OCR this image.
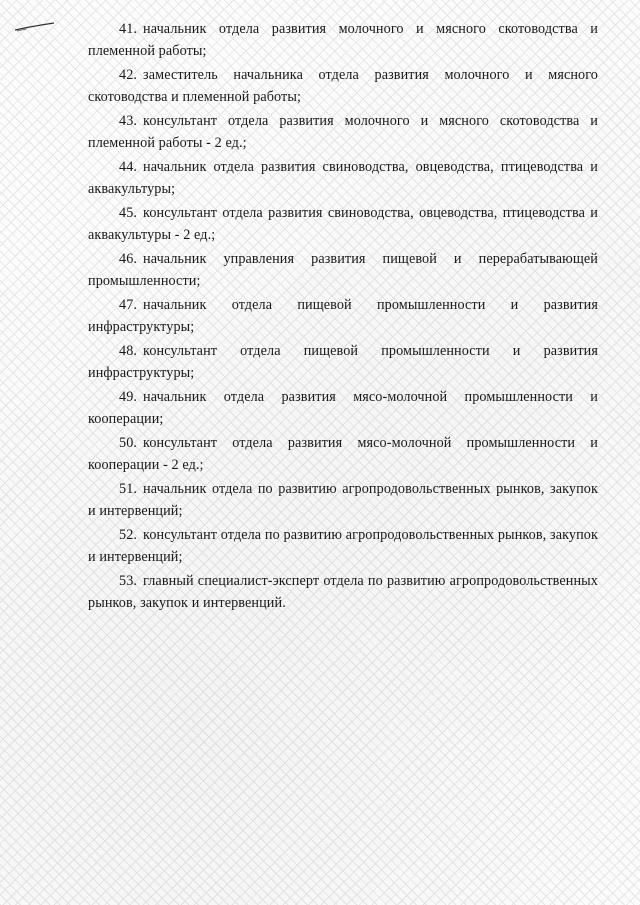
41. начальник отдела развития молочного и мясного скотоводства и племенной работы;
42. заместитель начальника отдела развития молочного и мясного скотоводства и племенной работы;
43. консультант отдела развития молочного и мясного скотоводства и племенной работы - 2 ед.;
44. начальник отдела развития свиноводства, овцеводства, птицеводства и аквакультуры;
45. консультант отдела развития свиноводства, овцеводства, птицеводства и аквакультуры - 2 ед.;
46. начальник управления развития пищевой и перерабатывающей промышленности;
47. начальник отдела пищевой промышленности и развития инфраструктуры;
48. консультант отдела пищевой промышленности и развития инфраструктуры;
49. начальник отдела развития мясо-молочной промышленности и кооперации;
50. консультант отдела развития мясо-молочной промышленности и кооперации - 2 ед.;
51. начальник отдела по развитию агропродовольственных рынков, закупок и интервенций;
52. консультант отдела по развитию агропродовольственных рынков, закупок и интервенций;
53. главный специалист-эксперт отдела по развитию агропродовольственных рынков, закупок и интервенций.
